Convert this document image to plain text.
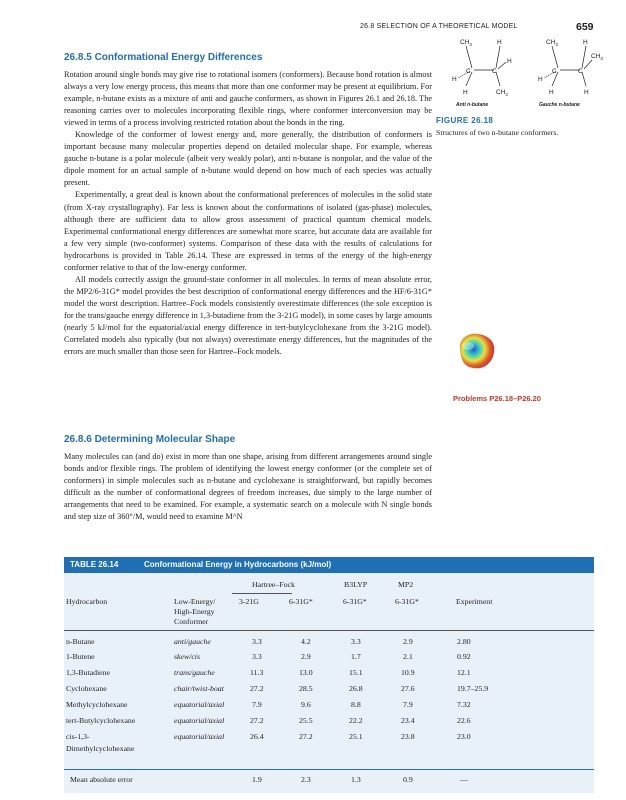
26.8 SELECTION OF A THEORETICAL MODEL	659
26.8.5 Conformational Energy Differences

Rotation around single bonds may give rise to rotational isomers (conformers). Because bond rotation is almost always a very low energy process, this means that more than one conformer may be present at equilibrium. For example, n-butane exists as a mixture of anti and gauche conformers, as shown in Figures 26.1 and 26.18. The reasoning carries over to molecules incorporating flexible rings, where conformer interconversion may be viewed in terms of a process involving restricted rotation about the bonds in the ring.

Knowledge of the conformer of lowest energy and, more generally, the distribution of conformers is important because many molecular properties depend on detailed molecular shape. For example, whereas gauche n-butane is a polar molecule (albeit very weakly polar), anti n-butane is nonpolar, and the value of the dipole moment for an actual sample of n-butane would depend on how much of each species was actually present.

Experimentally, a great deal is known about the conformational preferences of molecules in the solid state (from X-ray crystallography). Far less is known about the conformations of isolated (gas-phase) molecules, although there are sufficient data to allow gross assessment of practical quantum chemical models. Experimental conformational energy differences are somewhat more scarce, but accurate data are available for a few very simple (two-conformer) systems. Comparison of these data with the results of calculations for hydrocarbons is provided in Table 26.14. These are expressed in terms of the energy of the high-energy conformer relative to that of the low-energy conformer.

All models correctly assign the ground-state conformer in all molecules. In terms of mean absolute error, the MP2/6-31G* model provides the best description of conformational energy differences and the HF/6-31G* model the worst description. Hartree–Fock models consistently overestimate differences (the sole exception is for the trans/gauche energy difference in 1,3-butadiene from the 3-21G model), in some cases by large amounts (nearly 5 kJ/mol for the equatorial/axial energy difference in tert-butylcyclohexane from the 3-21G model). Correlated models also typically (but not always) overestimate energy differences, but the magnitudes of the errors are much smaller than those seen for Hartree–Fock models.

C	C
$CH_3$	H
H
H
H	$CH_3$
Anti n-butane
C	C
$CH_3$	H
$CH_3$
H
H	H
Gauche n-butane
FIGURE 26.18
Structures of two n-butane conformers.
Problems P26.18–P26.20
26.8.6 Determining Molecular Shape

Many molecules can (and do) exist in more than one shape, arising from different arrangements around single bonds and/or flexible rings. The problem of identifying the lowest energy conformer (or the complete set of conformers) in simple molecules such as n-butane and cyclohexane is straightforward, but rapidly becomes difficult as the number of conformational degrees of freedom increases, due simply to the large number of arrangements that need to be examined. For example, a systematic search on a molecule with N single bonds and step size of 360°/M, would need to examine M^N

TABLE 26.14	Conformational Energy in Hydrocarbons (kJ/mol)
Hartree–Fock	B3LYP	MP2
Hydrocarbon	Low-Energy/
High-Energy
Conformer
3-21G	6-31G*	6-31G*	6-31G*	Experiment
n-Butane	anti/gauche	3.3	4.2	3.3	2.9	2.80
1-Butene	skew/cis	3.3	2.9	1.7	2.1	0.92
1,3-Butadiene	trans/gauche	11.3	13.0	15.1	10.9	12.1
Cyclohexane	chair/twist-boat	27.2	28.5	26.8	27.6	19.7–25.9
Methylcyclohexane	equatorial/axial	7.9	9.6	8.8	7.9	7.32
tert-Butylcyclohexane	equatorial/axial	27.2	25.5	22.2	23.4	22.6
cis-1,3-
Dimethylcyclohexane
equatorial/axial	26.4	27.2	25.1	23.8	23.0
Mean absolute error	1.9	2.3	1.3	0.9	—
